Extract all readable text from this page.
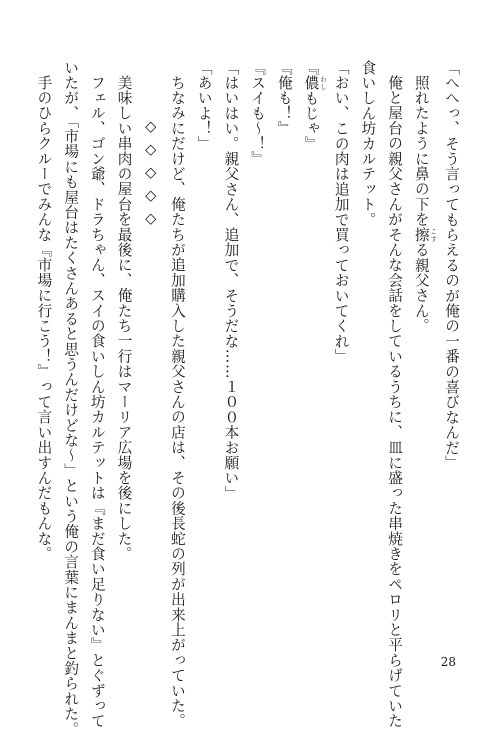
「へへっ、そう言ってもらえるのが俺の一番の喜びなんだ」
照れたように鼻の下を擦 こする親父さん。
俺と屋台の親父さんがそんな会話をしているうちに、皿に盛った串焼きをペロリと平らげていた
食いしん坊カルテット。
「おい、この肉は追加で買っておいてくれ」
『儂 わしもじゃ』
『俺も！』
『スイも〜！』
「はいはい。親父さん、追加で、そうだな……１００本お願い」
「あいよ！」
ちなみにだけど、俺たちが追加購入した親父さんの店は、その後長蛇の列が出来上がっていた。
◇◇◇◇◇
美味しい串肉の屋台を最後に、俺たち一行はマーリア広場を後にした。
フェル、ゴン爺、ドラちゃん、スイの食いしん坊カルテットは『まだ食い足りない』とぐずって
いたが、「市場にも屋台はたくさんあると思うんだけどな〜」という俺の言葉にまんまと釣られた。
手のひらクルーでみんな『市場に行こう！』って言い出すんだもんな。
28
